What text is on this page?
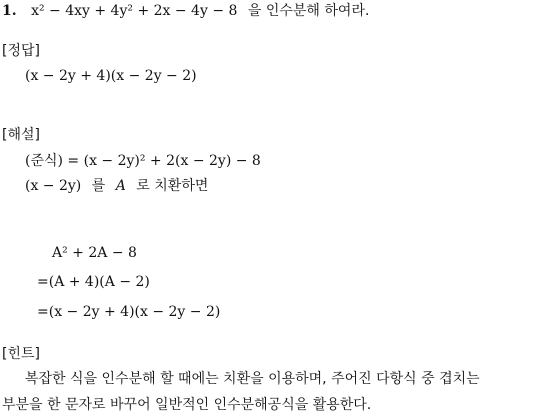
1. x² − 4xy + 4y² + 2x − 4y − 8 을 인수분해 하여라.
[정답]
(x − 2y + 4)(x − 2y − 2)
[해설]
(준식) = (x − 2y)² + 2(x − 2y) − 8
(x − 2y) 를 A 로 치환하면
A² + 2A − 8
=(A + 4)(A − 2)
=(x − 2y + 4)(x − 2y − 2)
[힌트]
복잡한 식을 인수분해 할 때에는 치환을 이용하며, 주어진 다항식 중 겹치는
부분을 한 문자로 바꾸어 일반적인 인수분해공식을 활용한다.
